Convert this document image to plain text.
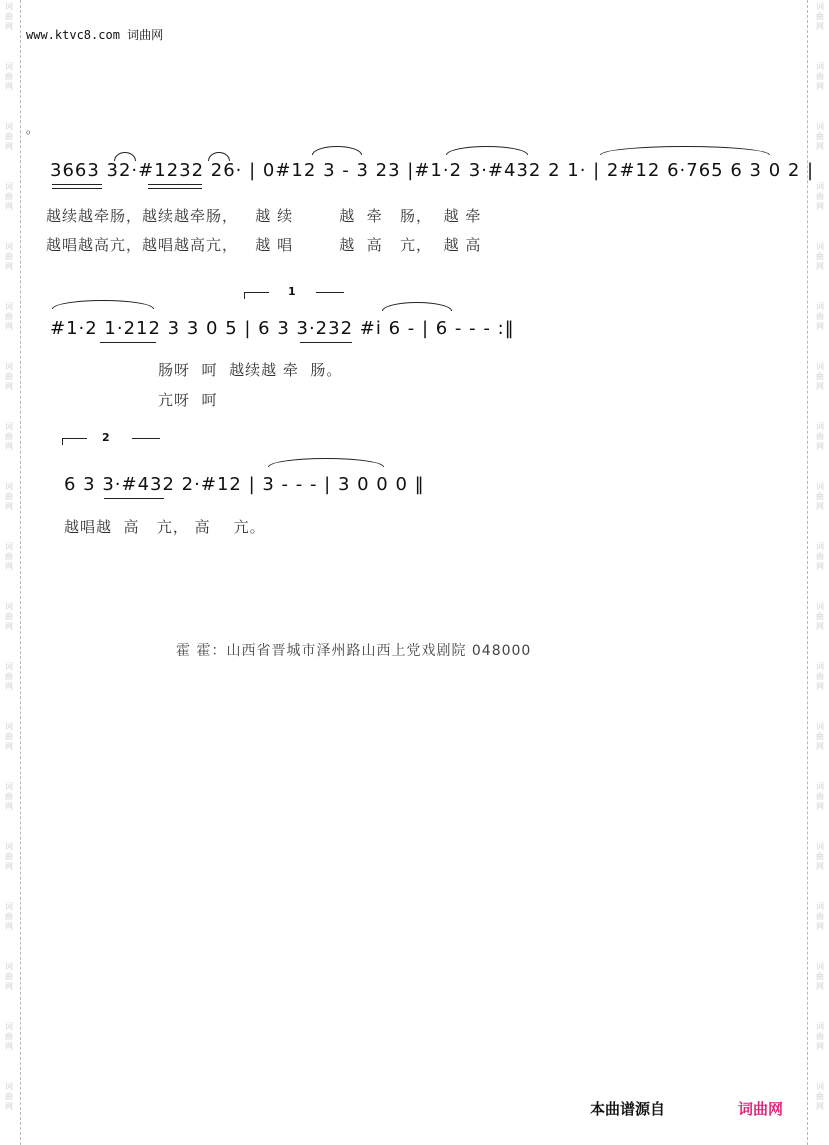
词
曲
网
词
曲
网
词
曲
网
词
曲
网
词
曲
网
词
曲
网
词
曲
网
词
曲
网
词
曲
网
词
曲
网
词
曲
网
词
曲
网
词
曲
网
词
曲
网
词
曲
网
词
曲
网
词
曲
网
词
曲
网
词
曲
网
词
曲
网
词
曲
网
词
曲
网
词
曲
网
词
曲
网
词
曲
网
词
曲
网
词
曲
网
词
曲
网
词
曲
网
词
曲
网
词
曲
网
词
曲
网
词
曲
网
词
曲
网
词
曲
网
词
曲
网
词
曲
网
词
曲
网
www.ktvc8.com 词曲网
。
3663 32·#1232 26· | 0#12 3 - 3 23 |#1·2 3·#432 2 1· | 2#12 6·765 6 3 0 2 |
越续越牵肠，越续越牵肠，   越 续        越  牵   肠，  越 牵
越唱越高亢，越唱越高亢，   越 唱        越  高   亢，  越 高
1
#1·2 1·212 3 3 0 5 | 6 3 3·232 #i 6 - | 6 - - - :‖
肠呀  呵  越续越 牵  肠。
亢呀  呵
2
6 3 3·#432 2·#12 | 3 - - - | 3 0 0 0 ‖
越唱越  高   亢， 高    亢。
霍 霍：山西省晋城市泽州路山西上党戏剧院 048000
本曲谱源自	词曲网
